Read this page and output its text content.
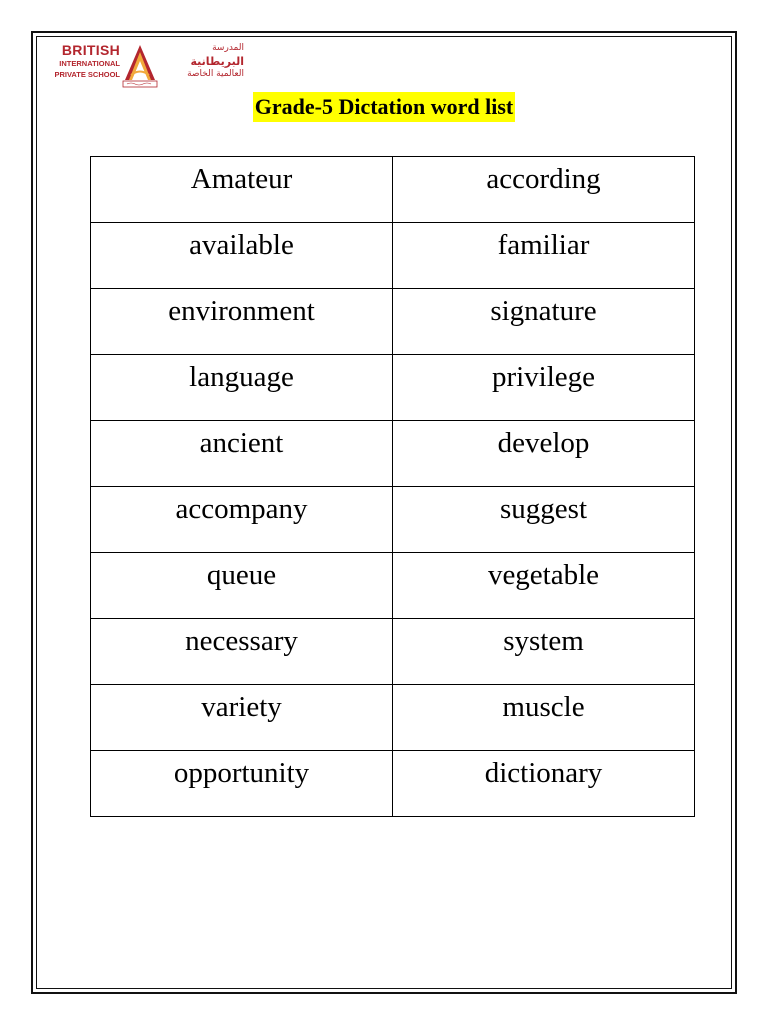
BRITISH
INTERNATIONAL
PRIVATE SCHOOL
المدرسة
البريطانية
العالمية الخاصة
Grade-5 Dictation word list
Amateur	according
available	familiar
environment	signature
language	privilege
ancient	develop
accompany	suggest
queue	vegetable
necessary	system
variety	muscle
opportunity	dictionary
